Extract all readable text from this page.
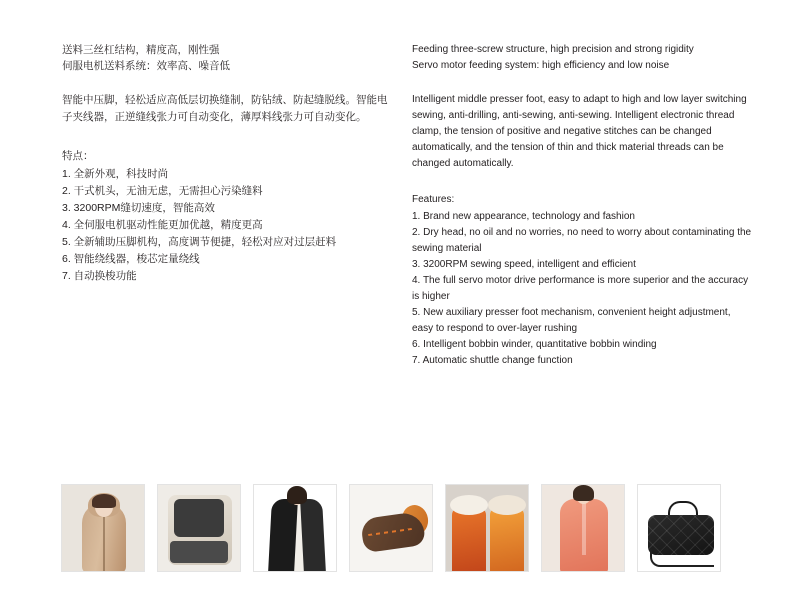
送料三丝杠结构，精度高，刚性强
伺服电机送料系统：效率高、噪音低
智能中压脚，轻松适应高低层切换缝制，防钻绒、防起缝脱线。智能电子夹线器，正逆缝线张力可自动变化，薄厚料线张力可自动变化。
特点：
1. 全新外观，科技时尚
2. 干式机头，无油无虑，无需担心污染缝料
3. 3200RPM缝切速度，智能高效
4. 全伺服电机驱动性能更加优越，精度更高
5. 全新辅助压脚机构，高度调节便捷，轻松对应对过层赶料
6. 智能绕线器，梭芯定量绕线
7. 自动换梭功能
Feeding three-screw structure, high precision and strong rigidity
Servo motor feeding system: high efficiency and low noise
Intelligent middle presser foot, easy to adapt to high and low layer switching sewing, anti-drilling, anti-sewing, anti-sewing. Intelligent electronic thread clamp, the tension of positive and negative stitches can be changed automatically, and the tension of thin and thick material threads can be changed automatically.
Features:
1. Brand new appearance, technology and fashion
2. Dry head, no oil and no worries, no need to worry about contaminating the sewing material
3. 3200RPM sewing speed, intelligent and efficient
4. The full servo motor drive performance is more superior and the accuracy is higher
5. New auxiliary presser foot mechanism, convenient height adjustment, easy to respond to over-layer rushing
6. Intelligent bobbin winder, quantitative bobbin winding
7. Automatic shuttle change function
